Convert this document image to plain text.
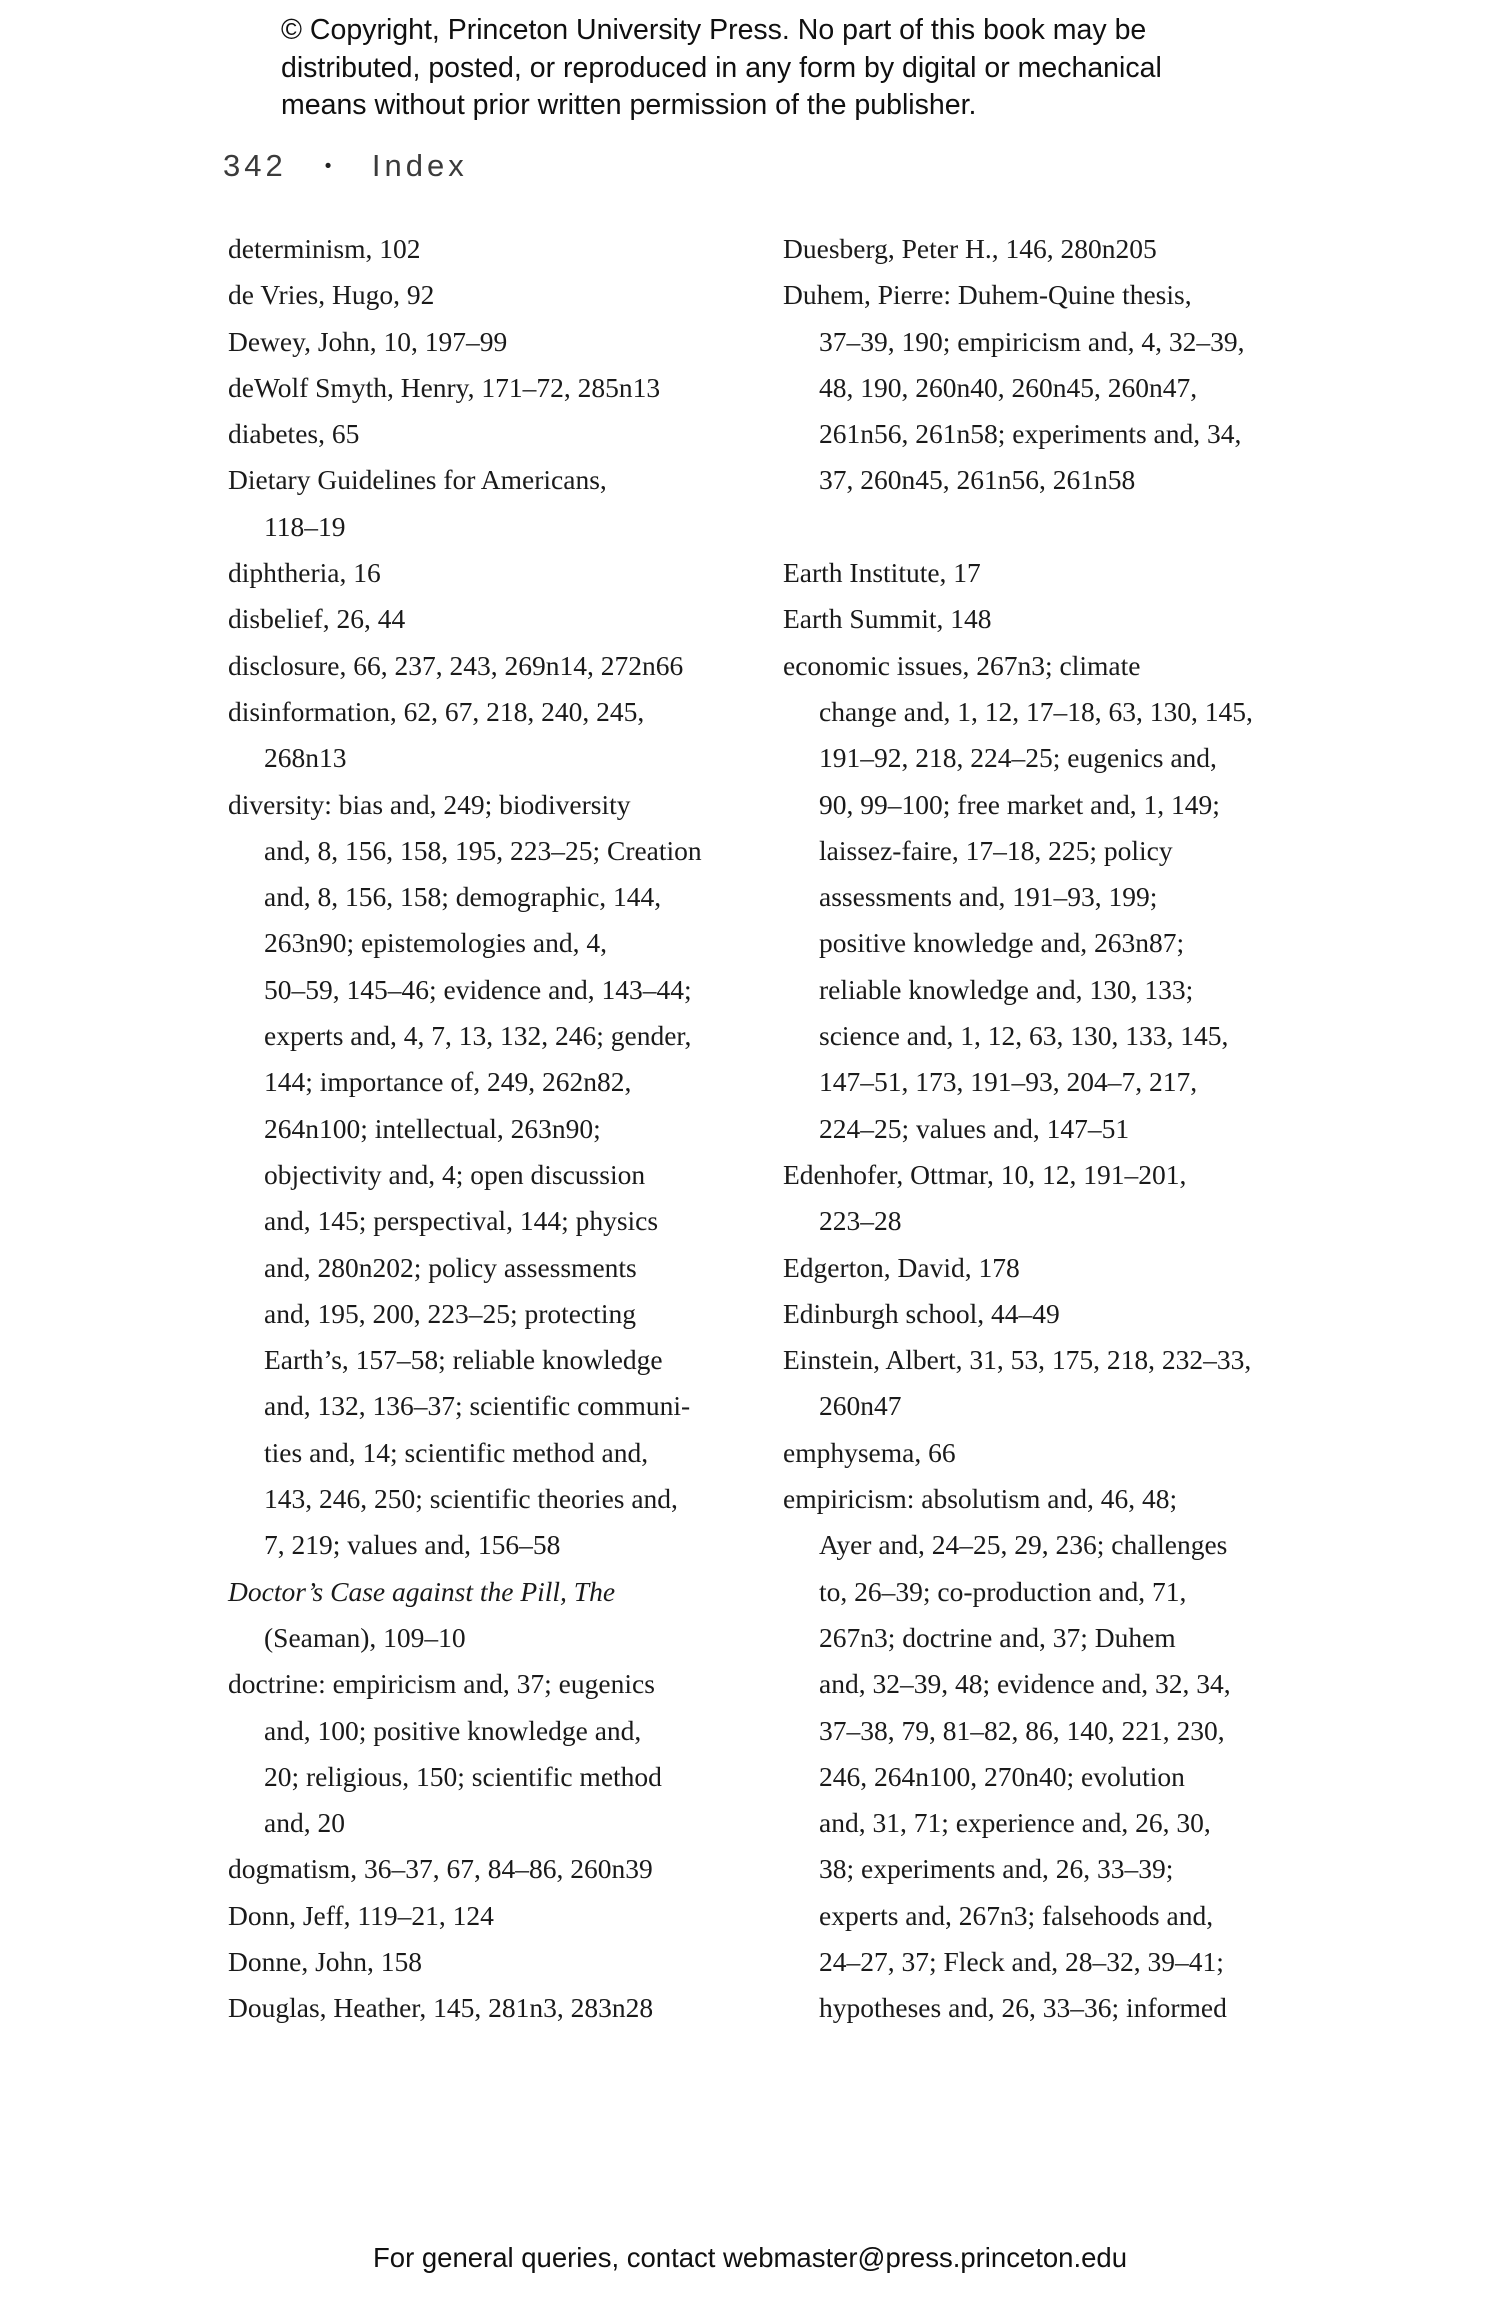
© Copyright, Princeton University Press. No part of this book may be
distributed, posted, or reproduced in any form by digital or mechanical
means without prior written permission of the publisher.
342 • Index
determinism, 102
de Vries, Hugo, 92
Dewey, John, 10, 197–99
deWolf Smyth, Henry, 171–72, 285n13
diabetes, 65
Dietary Guidelines for Americans,
118–19
diphtheria, 16
disbelief, 26, 44
disclosure, 66, 237, 243, 269n14, 272n66
disinformation, 62, 67, 218, 240, 245,
268n13
diversity: bias and, 249; biodiversity
and, 8, 156, 158, 195, 223–25; Creation
and, 8, 156, 158; demographic, 144,
263n90; epistemologies and, 4,
50–59, 145–46; evidence and, 143–44;
experts and, 4, 7, 13, 132, 246; gender,
144; importance of, 249, 262n82,
264n100; intellectual, 263n90;
objectivity and, 4; open discussion
and, 145; perspectival, 144; physics
and, 280n202; policy assessments
and, 195, 200, 223–25; protecting
Earth’s, 157–58; reliable knowledge
and, 132, 136–37; scientific communi-
ties and, 14; scientific method and,
143, 246, 250; scientific theories and,
7, 219; values and, 156–58
Doctor’s Case against the Pill, The
(Seaman), 109–10
doctrine: empiricism and, 37; eugenics
and, 100; positive knowledge and,
20; religious, 150; scientific method
and, 20
dogmatism, 36–37, 67, 84–86, 260n39
Donn, Jeff, 119–21, 124
Donne, John, 158
Douglas, Heather, 145, 281n3, 283n28
Duesberg, Peter H., 146, 280n205
Duhem, Pierre: Duhem-Quine thesis,
37–39, 190; empiricism and, 4, 32–39,
48, 190, 260n40, 260n45, 260n47,
261n56, 261n58; experiments and, 34,
37, 260n45, 261n56, 261n58
Earth Institute, 17
Earth Summit, 148
economic issues, 267n3; climate
change and, 1, 12, 17–18, 63, 130, 145,
191–92, 218, 224–25; eugenics and,
90, 99–100; free market and, 1, 149;
laissez-faire, 17–18, 225; policy
assessments and, 191–93, 199;
positive knowledge and, 263n87;
reliable knowledge and, 130, 133;
science and, 1, 12, 63, 130, 133, 145,
147–51, 173, 191–93, 204–7, 217,
224–25; values and, 147–51
Edenhofer, Ottmar, 10, 12, 191–201,
223–28
Edgerton, David, 178
Edinburgh school, 44–49
Einstein, Albert, 31, 53, 175, 218, 232–33,
260n47
emphysema, 66
empiricism: absolutism and, 46, 48;
Ayer and, 24–25, 29, 236; challenges
to, 26–39; co-production and, 71,
267n3; doctrine and, 37; Duhem
and, 32–39, 48; evidence and, 32, 34,
37–38, 79, 81–82, 86, 140, 221, 230,
246, 264n100, 270n40; evolution
and, 31, 71; experience and, 26, 30,
38; experiments and, 26, 33–39;
experts and, 267n3; falsehoods and,
24–27, 37; Fleck and, 28–32, 39–41;
hypotheses and, 26, 33–36; informed
For general queries, contact webmaster@press.princeton.edu
